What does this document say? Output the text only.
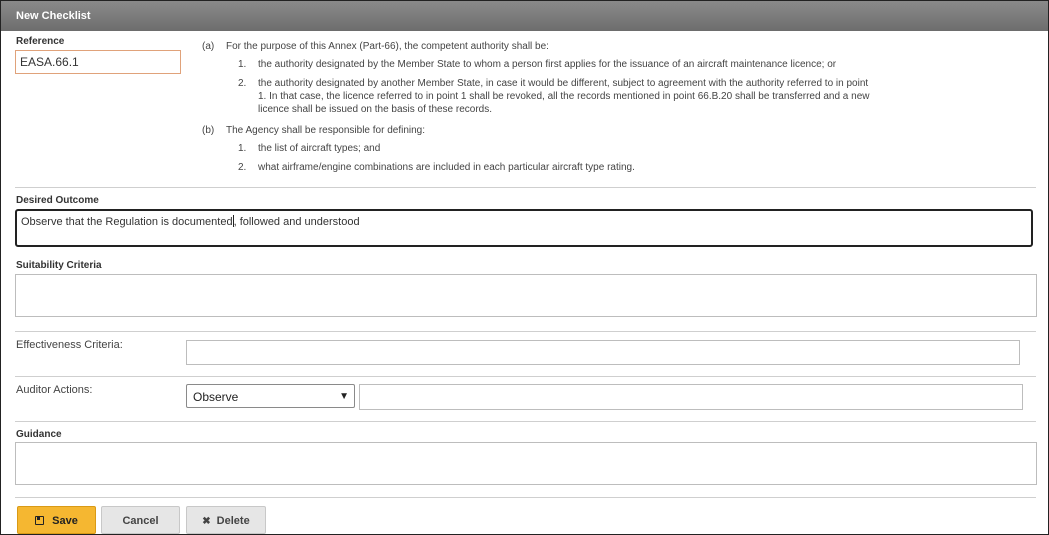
New Checklist
Reference
EASA.66.1
(a) For the purpose of this Annex (Part-66), the competent authority shall be:
1. the authority designated by the Member State to whom a person first applies for the issuance of an aircraft maintenance licence; or
2. the authority designated by another Member State, in case it would be different, subject to agreement with the authority referred to in point 1. In that case, the licence referred to in point 1 shall be revoked, all the records mentioned in point 66.B.20 shall be transferred and a new licence shall be issued on the basis of these records.
(b) The Agency shall be responsible for defining:
1. the list of aircraft types; and
2. what airframe/engine combinations are included in each particular aircraft type rating.
Desired Outcome
Observe that the Regulation is documented, followed and understood
Suitability Criteria
Effectiveness Criteria:
Auditor Actions:	Observe	▼
Guidance
Save	Cancel	✖ Delete
